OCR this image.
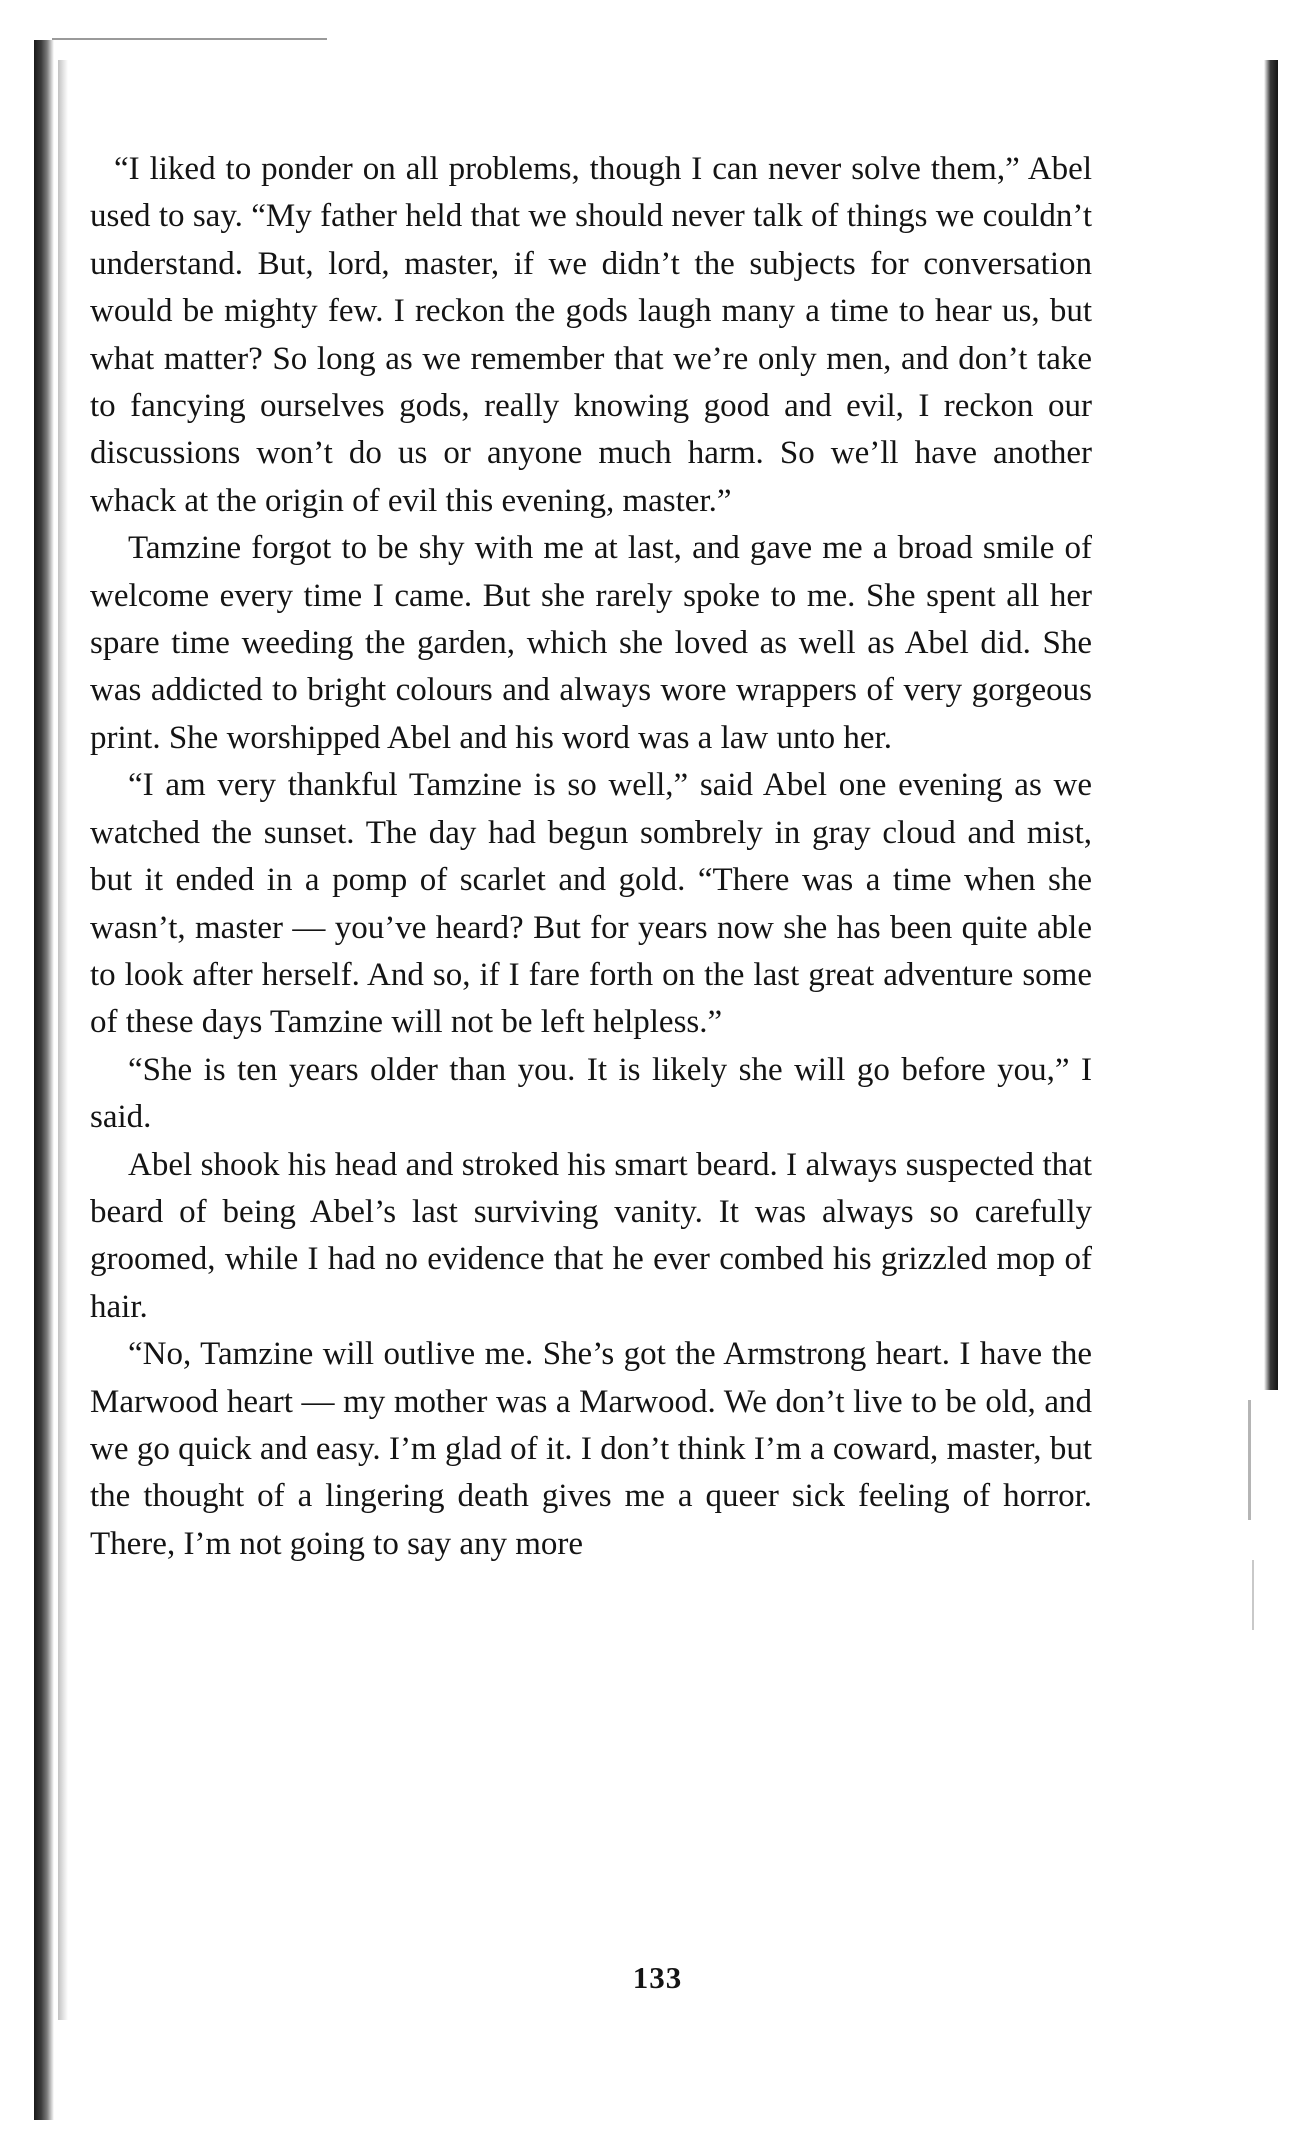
“I liked to ponder on all problems, though I can never solve them,” Abel used to say. “My father held that we should never talk of things we couldn’t understand. But, lord, master, if we didn’t the subjects for conversation would be mighty few. I reckon the gods laugh many a time to hear us, but what matter? So long as we remember that we’re only men, and don’t take to fancying ourselves gods, really knowing good and evil, I reckon our discussions won’t do us or anyone much harm. So we’ll have another whack at the origin of evil this evening, master.”

Tamzine forgot to be shy with me at last, and gave me a broad smile of welcome every time I came. But she rarely spoke to me. She spent all her spare time weeding the garden, which she loved as well as Abel did. She was addicted to bright colours and always wore wrappers of very gorgeous print. She worshipped Abel and his word was a law unto her.

“I am very thankful Tamzine is so well,” said Abel one evening as we watched the sunset. The day had begun sombrely in gray cloud and mist, but it ended in a pomp of scarlet and gold. “There was a time when she wasn’t, master — you’ve heard? But for years now she has been quite able to look after herself. And so, if I fare forth on the last great adventure some of these days Tamzine will not be left helpless.”

“She is ten years older than you. It is likely she will go before you,” I said.

Abel shook his head and stroked his smart beard. I always suspected that beard of being Abel’s last surviving vanity. It was always so carefully groomed, while I had no evidence that he ever combed his grizzled mop of hair.

“No, Tamzine will outlive me. She’s got the Armstrong heart. I have the Marwood heart — my mother was a Marwood. We don’t live to be old, and we go quick and easy. I’m glad of it. I don’t think I’m a coward, master, but the thought of a lingering death gives me a queer sick feeling of horror. There, I’m not going to say any more

133
